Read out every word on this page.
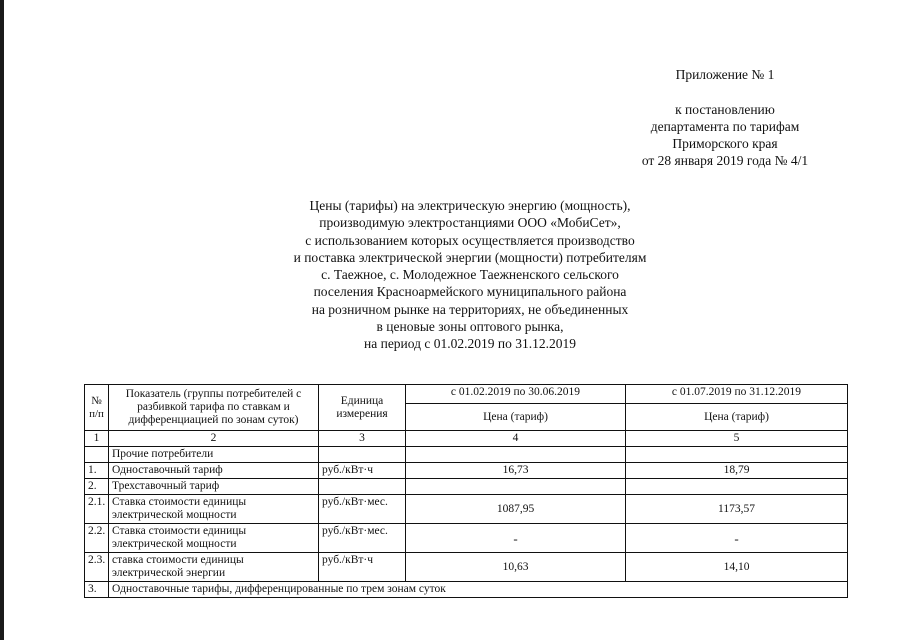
Приложение № 1
к постановлению
департамента по тарифам
Приморского края
от 28 января 2019 года № 4/1
Цены (тарифы) на электрическую энергию (мощность),
производимую электростанциями ООО «МобиСет»,
с использованием которых осуществляется производство
и поставка электрической энергии (мощности) потребителям
с. Таежное, с. Молодежное Таежненского сельского
поселения Красноармейского муниципального района
на розничном рынке на территориях, не объединенных
в ценовые зоны оптового рынка,
на период с 01.02.2019 по 31.12.2019
№ п/п	Показатель (группы потребителей с разбивкой тарифа по ставкам и дифференциацией по зонам суток)	Единица измерения	с 01.02.2019 по 30.06.2019	с 01.07.2019 по 31.12.2019
			Цена (тариф)	Цена (тариф)
1	2	3	4	5
	Прочие потребители			
1.	Одноставочный тариф	руб./кВт·ч	16,73	18,79
2.	Трехставочный тариф			
2.1.	Ставка стоимости единицы электрической мощности	руб./кВт·мес.	1087,95	1173,57
2.2.	Ставка стоимости единицы электрической мощности	руб./кВт·мес.	-	-
2.3.	ставка стоимости единицы электрической энергии	руб./кВт·ч	10,63	14,10
3.	Одноставочные тарифы, дифференцированные по трем зонам суток			
